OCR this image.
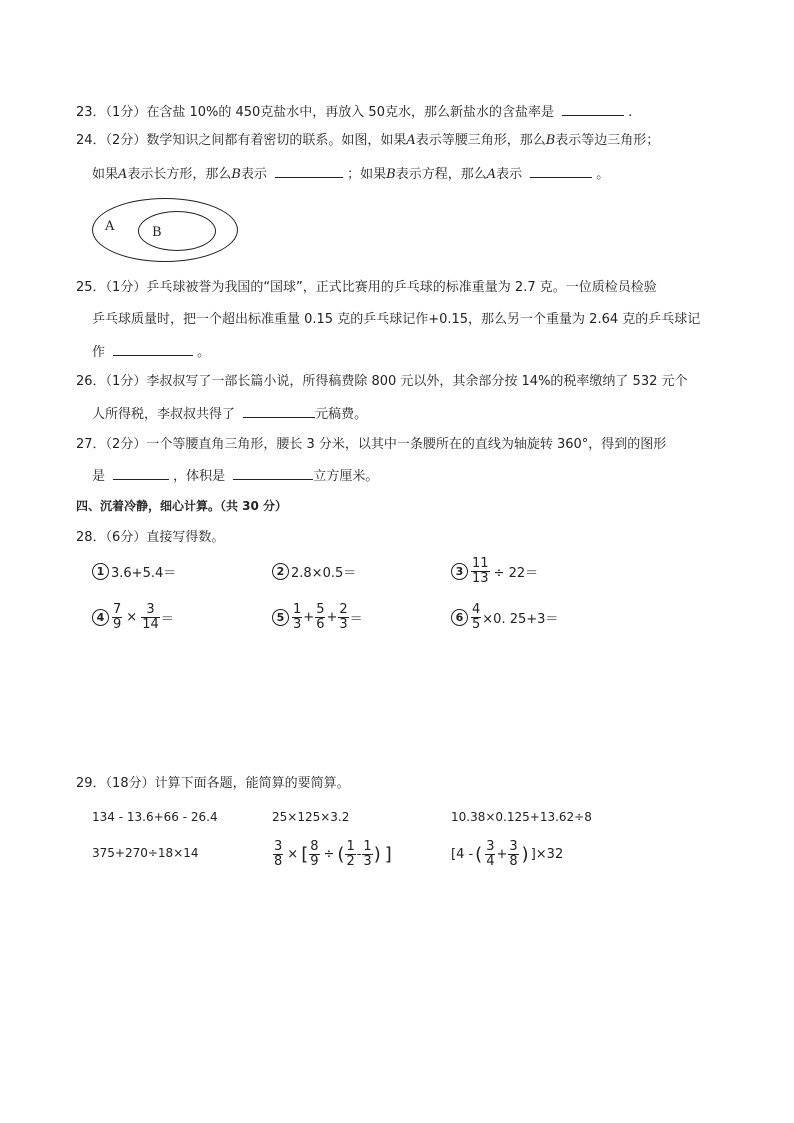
23．（1分）在含盐 10%的 450克盐水中，再放入 50克水，那么新盐水的含盐率是	.
24．（2分）数学知识之间都有着密切的联系。如图，如果A表示等腰三角形，那么B表示等边三角形；
如果A表示长方形，那么B表示	；如果B表示方程，那么A表示	。
A	B
25．（1分）乒乓球被誉为我国的“国球”，正式比赛用的乒乓球的标准重量为 2.7 克。一位质检员检验
乒乓球质量时，把一个超出标准重量 0.15 克的乒乓球记作+0.15，那么另一个重量为 2.64 克的乒乓球记
作	。
26．（1分）李叔叔写了一部长篇小说，所得稿费除 800 元以外，其余部分按 14%的税率缴纳了 532 元个
人所得税，李叔叔共得了	元稿费。
27．（2分）一个等腰直角三角形，腰长 3 分米，以其中一条腰所在的直线为轴旋转 360°，得到的图形
是	，体积是	立方厘米。
四、沉着冷静，细心计算。（共 30 分）
28．（6分）直接写得数。
1 3.6+5.4＝	2 2.8×0.5＝	$3 \frac{11}{13} \div 22=$
$4 \frac{7}{9} \times \frac{3}{14}$ ＝	$5 \frac{1}{3} + \frac{5}{6} + \frac{2}{3}$ ＝	$6 \frac{4}{5} \times 0$. 25+3＝
29．（18分）计算下面各题，能简算的要简算。
134 - 13.6+66 - 26.4	25×125×3.2	10.38×0.125+13.62÷8
375+270÷18×14	$\frac{3}{8}$ × [ $\frac{8}{9}$ ÷ ( $\frac{1}{2} - \frac{1}{3}$ ) ]	[4 - ( $\frac{3}{4} + \frac{3}{8}$ ) ]×32
